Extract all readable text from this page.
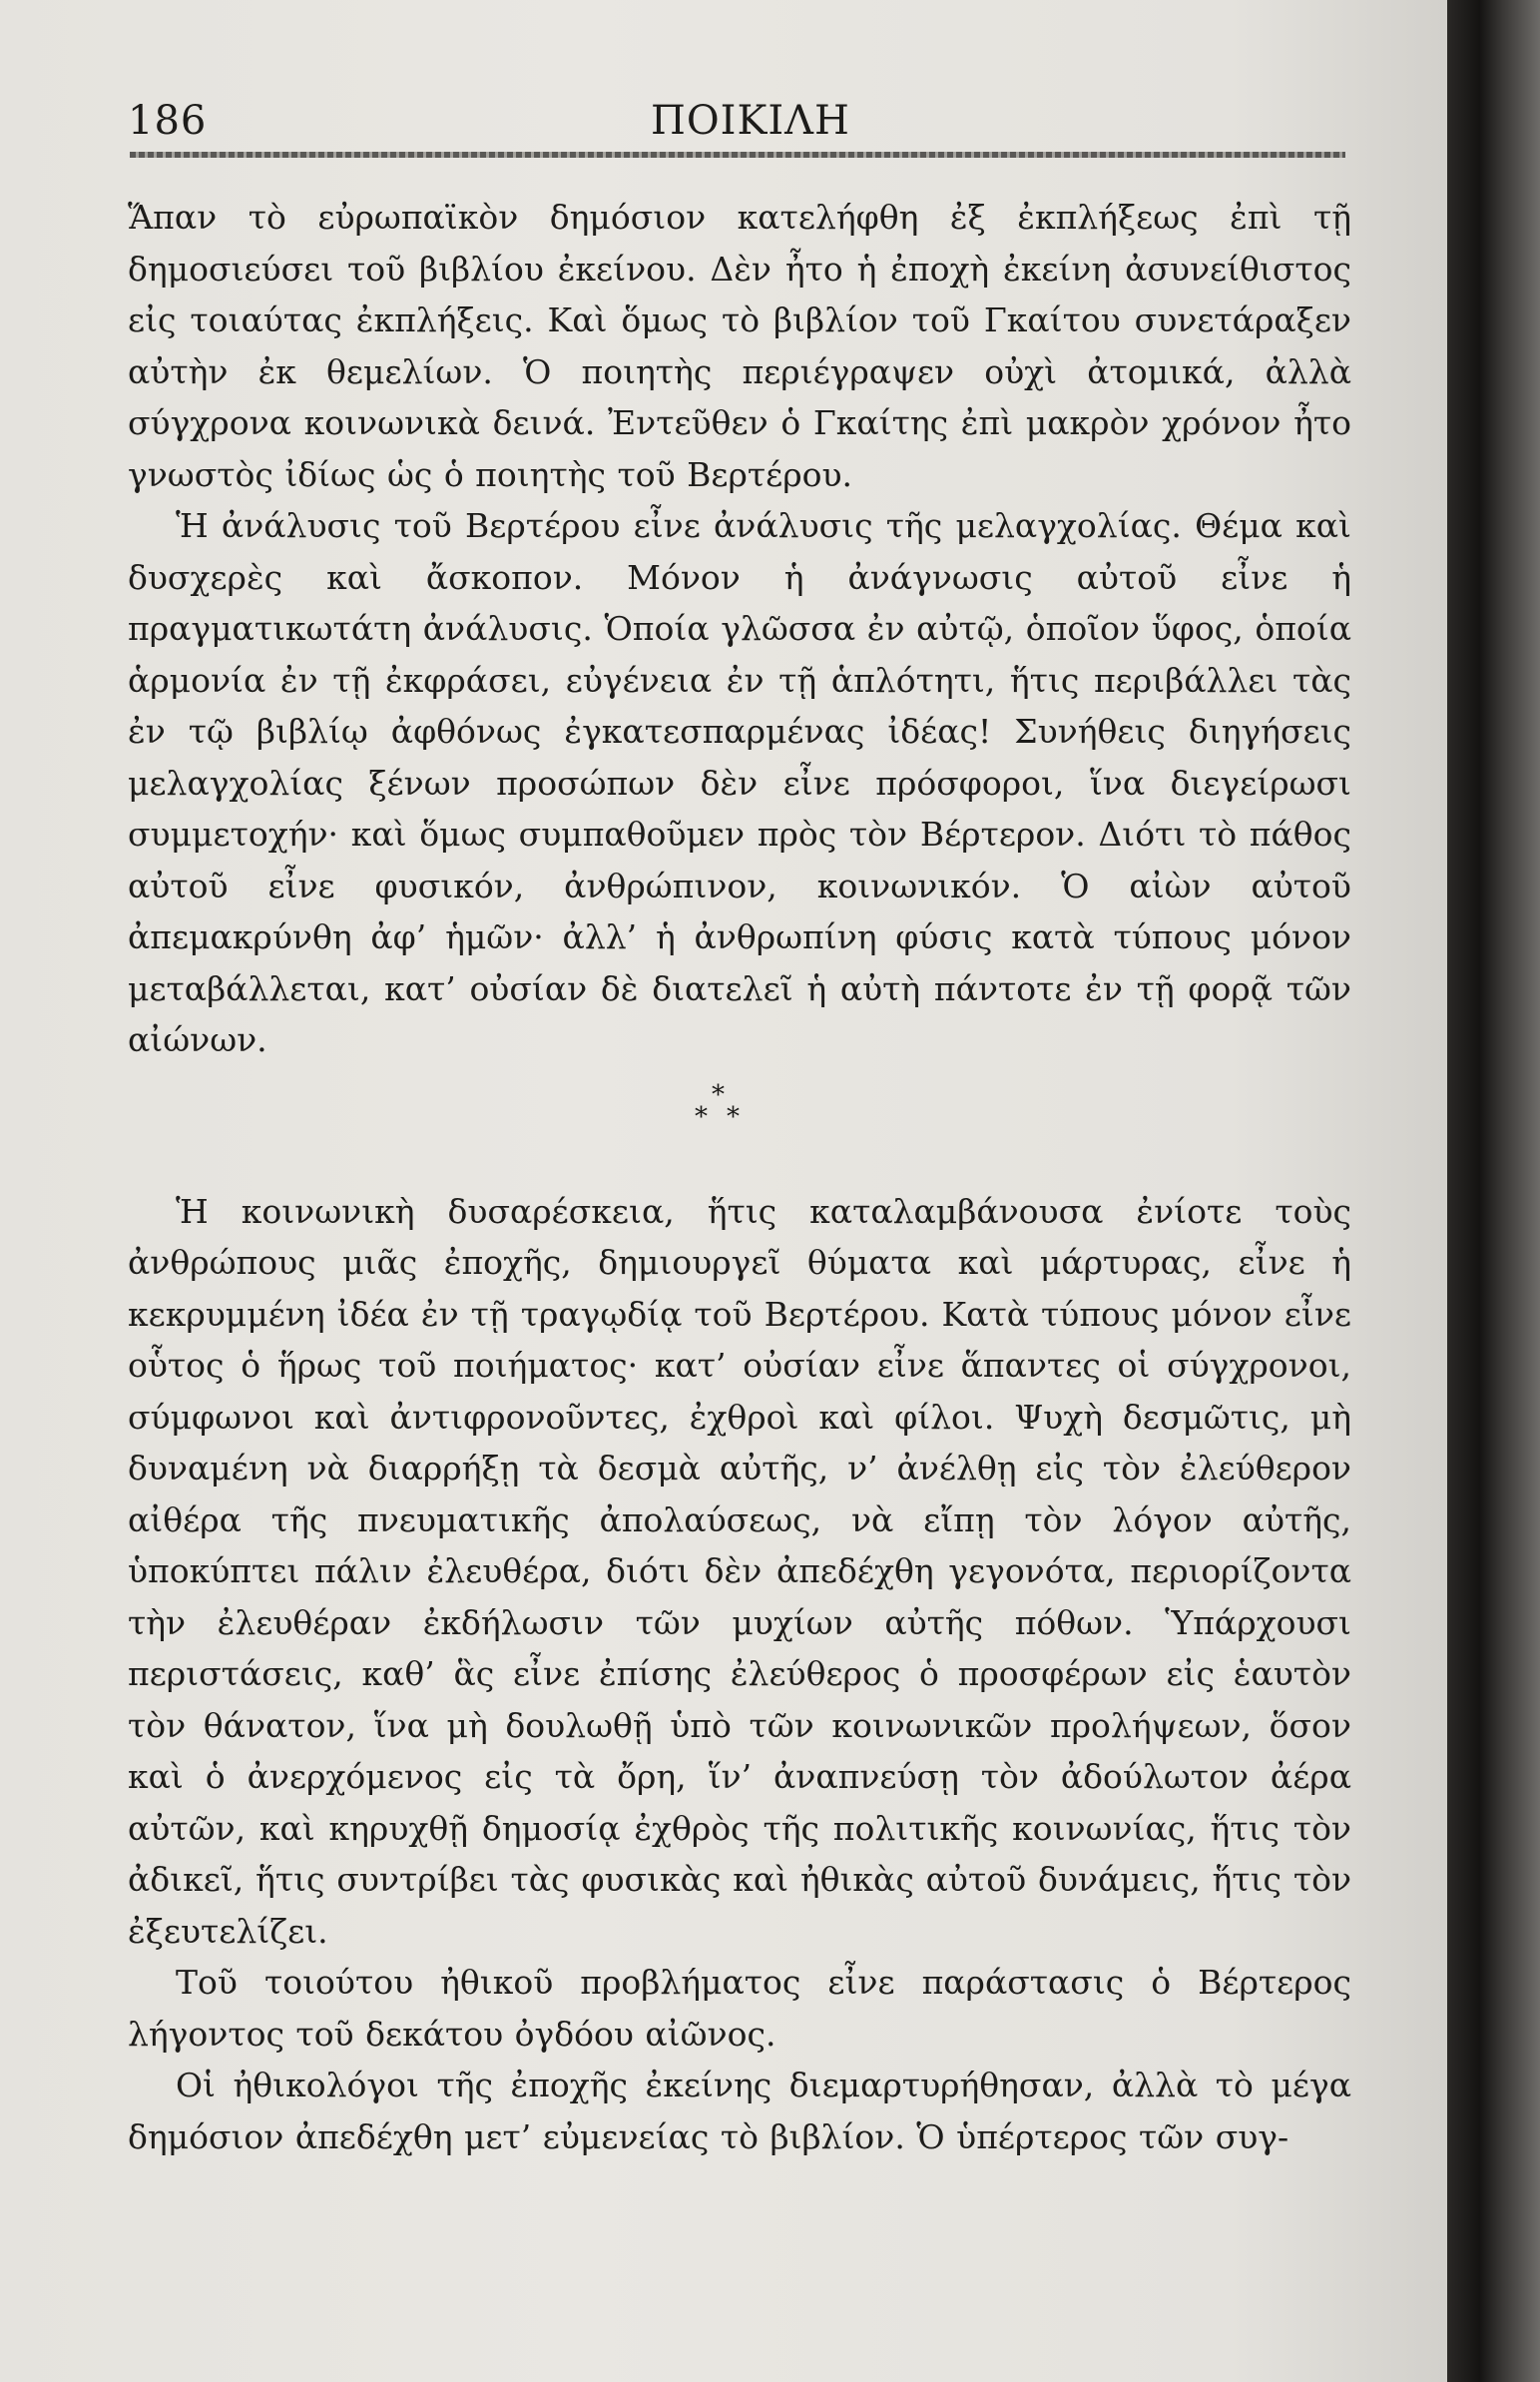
186	ΠΟΙΚΙΛΗ

Ἅπαν τὸ εὐρωπαϊκὸν δημόσιον κατελήφθη ἐξ ἐκπλήξεως ἐπὶ τῇ δημοσιεύσει τοῦ βιβλίου ἐκείνου. Δὲν ἦτο ἡ ἐποχὴ ἐκείνη ἀσυνείθιστος εἰς τοιαύτας ἐκπλήξεις. Καὶ ὅμως τὸ βιβλίον τοῦ Γκαίτου συνετάραξεν αὐτὴν ἐκ θεμελίων. Ὁ ποιητὴς περιέγραψεν οὐχὶ ἀτομικά, ἀλλὰ σύγχρονα κοινωνικὰ δεινά. Ἐντεῦθεν ὁ Γκαίτης ἐπὶ μακρὸν χρόνον ἦτο γνωστὸς ἰδίως ὡς ὁ ποιητὴς τοῦ Βερτέρου.

Ἡ ἀνάλυσις τοῦ Βερτέρου εἶνε ἀνάλυσις τῆς μελαγχολίας. Θέμα καὶ δυσχερὲς καὶ ἄσκοπον. Μόνον ἡ ἀνάγνωσις αὐτοῦ εἶνε ἡ πραγματικωτάτη ἀνάλυσις. Ὁποία γλῶσσα ἐν αὐτῷ, ὁποῖον ὕφος, ὁποία ἁρμονία ἐν τῇ ἐκφράσει, εὐγένεια ἐν τῇ ἁπλότητι, ἥτις περιβάλλει τὰς ἐν τῷ βιβλίῳ ἀφθόνως ἐγκατεσπαρμένας ἰδέας! Συνήθεις διηγήσεις μελαγχολίας ξένων προσώπων δὲν εἶνε πρόσφοροι, ἵνα διεγείρωσι συμμετοχήν· καὶ ὅμως συμπαθοῦμεν πρὸς τὸν Βέρτερον. Διότι τὸ πάθος αὐτοῦ εἶνε φυσικόν, ἀνθρώπινον, κοινωνικόν. Ὁ αἰὼν αὐτοῦ ἀπεμακρύνθη ἀφ’ ἡμῶν· ἀλλ’ ἡ ἀνθρωπίνη φύσις κατὰ τύπους μόνον μεταβάλλεται, κατ’ οὐσίαν δὲ διατελεῖ ἡ αὐτὴ πάντοτε ἐν τῇ φορᾷ τῶν αἰώνων.

*
* *

Ἡ κοινωνικὴ δυσαρέσκεια, ἥτις καταλαμβάνουσα ἐνίοτε τοὺς ἀνθρώπους μιᾶς ἐποχῆς, δημιουργεῖ θύματα καὶ μάρτυρας, εἶνε ἡ κεκρυμμένη ἰδέα ἐν τῇ τραγῳδίᾳ τοῦ Βερτέρου. Κατὰ τύπους μόνον εἶνε οὗτος ὁ ἥρως τοῦ ποιήματος· κατ’ οὐσίαν εἶνε ἅπαντες οἱ σύγχρονοι, σύμφωνοι καὶ ἀντιφρονοῦντες, ἐχθροὶ καὶ φίλοι. Ψυχὴ δεσμῶτις, μὴ δυναμένη νὰ διαρρήξῃ τὰ δεσμὰ αὐτῆς, ν’ ἀνέλθῃ εἰς τὸν ἐλεύθερον αἰθέρα τῆς πνευματικῆς ἀπολαύσεως, νὰ εἴπῃ τὸν λόγον αὐτῆς, ὑποκύπτει πάλιν ἐλευθέρα, διότι δὲν ἀπεδέχθη γεγονότα, περιορίζοντα τὴν ἐλευθέραν ἐκδήλωσιν τῶν μυχίων αὐτῆς πόθων. Ὑπάρχουσι περιστάσεις, καθ’ ἃς εἶνε ἐπίσης ἐλεύθερος ὁ προσφέρων εἰς ἑαυτὸν τὸν θάνατον, ἵνα μὴ δουλωθῇ ὑπὸ τῶν κοινωνικῶν προλήψεων, ὅσον καὶ ὁ ἀνερχόμενος εἰς τὰ ὄρη, ἵν’ ἀναπνεύσῃ τὸν ἀδούλωτον ἀέρα αὐτῶν, καὶ κηρυχθῇ δημοσίᾳ ἐχθρὸς τῆς πολιτικῆς κοινωνίας, ἥτις τὸν ἀδικεῖ, ἥτις συντρίβει τὰς φυσικὰς καὶ ἠθικὰς αὐτοῦ δυνάμεις, ἥτις τὸν ἐξευτελίζει.

Τοῦ τοιούτου ἠθικοῦ προβλήματος εἶνε παράστασις ὁ Βέρτερος λήγοντος τοῦ δεκάτου ὀγδόου αἰῶνος.

Οἱ ἠθικολόγοι τῆς ἐποχῆς ἐκείνης διεμαρτυρήθησαν, ἀλλὰ τὸ μέγα δημόσιον ἀπεδέχθη μετ’ εὐμενείας τὸ βιβλίον. Ὁ ὑπέρτερος τῶν συγ-
